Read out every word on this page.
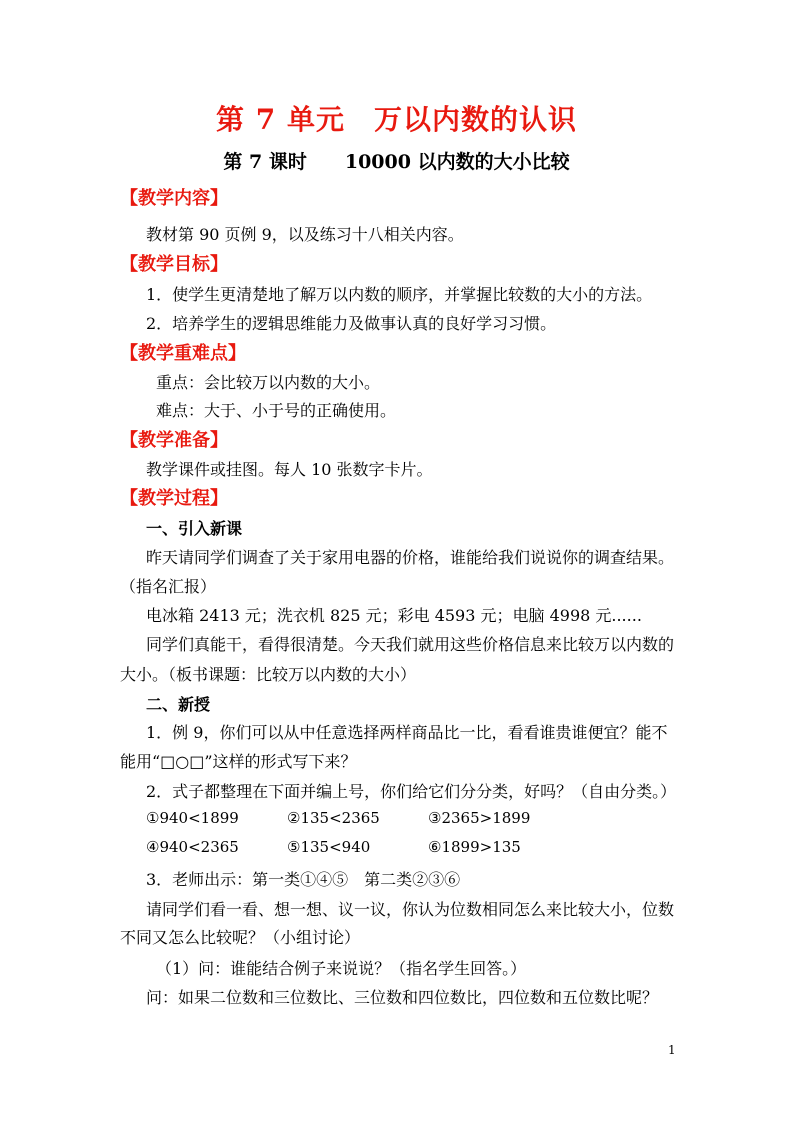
第 7 单元　万以内数的认识
第 7 课时　　10000 以内数的大小比较
【教学内容】
教材第 90 页例 9，以及练习十八相关内容。
【教学目标】
1．使学生更清楚地了解万以内数的顺序，并掌握比较数的大小的方法。
2．培养学生的逻辑思维能力及做事认真的良好学习习惯。
【教学重难点】
重点：会比较万以内数的大小。
难点：大于、小于号的正确使用。
【教学准备】
教学课件或挂图。每人 10 张数字卡片。
【教学过程】
一、引入新课
昨天请同学们调查了关于家用电器的价格，谁能给我们说说你的调查结果。
（指名汇报）
电冰箱 2413 元；洗衣机 825 元；彩电 4593 元；电脑 4998 元......
同学们真能干，看得很清楚。今天我们就用这些价格信息来比较万以内数的
大小。（板书课题：比较万以内数的大小）
二、新授
1．例 9，你们可以从中任意选择两样商品比一比，看看谁贵谁便宜？能不
能用“□○□”这样的形式写下来？
2．式子都整理在下面并编上号，你们给它们分分类，好吗？（自由分类。）
①940<1899	②135<2365	③2365>1899
④940<2365	⑤135<940	⑥1899>135
3．老师出示：第一类①④⑤　第二类②③⑥
请同学们看一看、想一想、议一议，你认为位数相同怎么来比较大小，位数
不同又怎么比较呢？（小组讨论）
（1）问：谁能结合例子来说说？（指名学生回答。）
问：如果二位数和三位数比、三位数和四位数比，四位数和五位数比呢？
1
